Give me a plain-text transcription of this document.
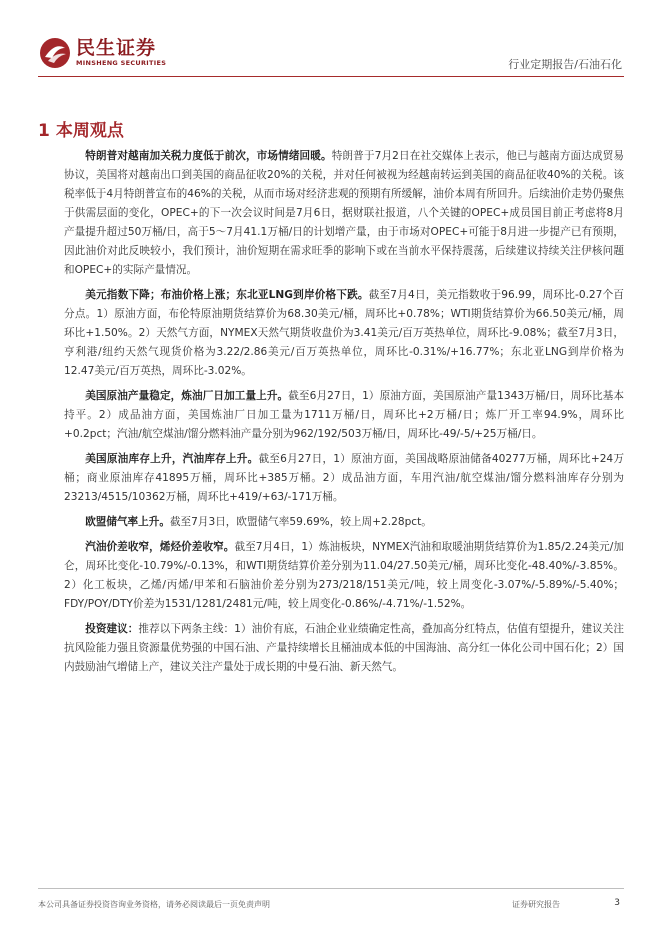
民生证券
MINSHENG SECURITIES	行业定期报告/石油石化
1 本周观点

特朗普对越南加关税力度低于前次，市场情绪回暖。特朗普于7月2日在社交媒体上表示，他已与越南方面达成贸易协议，美国将对越南出口到美国的商品征收20%的关税，并对任何被视为经越南转运到美国的商品征收40%的关税。该税率低于4月特朗普宣布的46%的关税，从而市场对经济悲观的预期有所缓解，油价本周有所回升。后续油价走势仍聚焦于供需层面的变化，OPEC+的下一次会议时间是7月6日，据财联社报道，八个关键的OPEC+成员国目前正考虑将8月产量提升超过50万桶/日，高于5～7月41.1万桶/日的计划增产量，由于市场对OPEC+可能于8月进一步提产已有预期，因此油价对此反映较小，我们预计，油价短期在需求旺季的影响下或在当前水平保持震荡，后续建议持续关注伊核问题和OPEC+的实际产量情况。

美元指数下降；布油价格上涨；东北亚LNG到岸价格下跌。截至7月4日，美元指数收于96.99，周环比-0.27个百分点。1）原油方面，布伦特原油期货结算价为68.30美元/桶，周环比+0.78%；WTI期货结算价为66.50美元/桶，周环比+1.50%。2）天然气方面，NYMEX天然气期货收盘价为3.41美元/百万英热单位，周环比-9.08%；截至7月3日，亨利港/纽约天然气现货价格为3.22/2.86美元/百万英热单位，周环比-0.31%/+16.77%；东北亚LNG到岸价格为12.47美元/百万英热，周环比-3.02%。

美国原油产量稳定，炼油厂日加工量上升。截至6月27日，1）原油方面，美国原油产量1343万桶/日，周环比基本持平。2）成品油方面，美国炼油厂日加工量为1711万桶/日，周环比+2万桶/日；炼厂开工率94.9%，周环比+0.2pct；汽油/航空煤油/馏分燃料油产量分别为962/192/503万桶/日，周环比-49/-5/+25万桶/日。

美国原油库存上升，汽油库存上升。截至6月27日，1）原油方面，美国战略原油储备40277万桶，周环比+24万桶；商业原油库存41895万桶，周环比+385万桶。2）成品油方面，车用汽油/航空煤油/馏分燃料油库存分别为23213/4515/10362万桶，周环比+419/+63/-171万桶。

欧盟储气率上升。截至7月3日，欧盟储气率59.69%，较上周+2.28pct。

汽油价差收窄，烯烃价差收窄。截至7月4日，1）炼油板块，NYMEX汽油和取暖油期货结算价为1.85/2.24美元/加仑，周环比变化-10.79%/-0.13%，和WTI期货结算价差分别为11.04/27.50美元/桶，周环比变化-48.40%/-3.85%。2）化工板块，乙烯/丙烯/甲苯和石脑油价差分别为273/218/151美元/吨，较上周变化-3.07%/-5.89%/-5.40%；FDY/POY/DTY价差为1531/1281/2481元/吨，较上周变化-0.86%/-4.71%/-1.52%。

投资建议：推荐以下两条主线：1）油价有底，石油企业业绩确定性高，叠加高分红特点，估值有望提升，建议关注抗风险能力强且资源量优势强的中国石油、产量持续增长且桶油成本低的中国海油、高分红一体化公司中国石化；2）国内鼓励油气增储上产，建议关注产量处于成长期的中曼石油、新天然气。

本公司具备证券投资咨询业务资格，请务必阅读最后一页免责声明	证券研究报告	3
